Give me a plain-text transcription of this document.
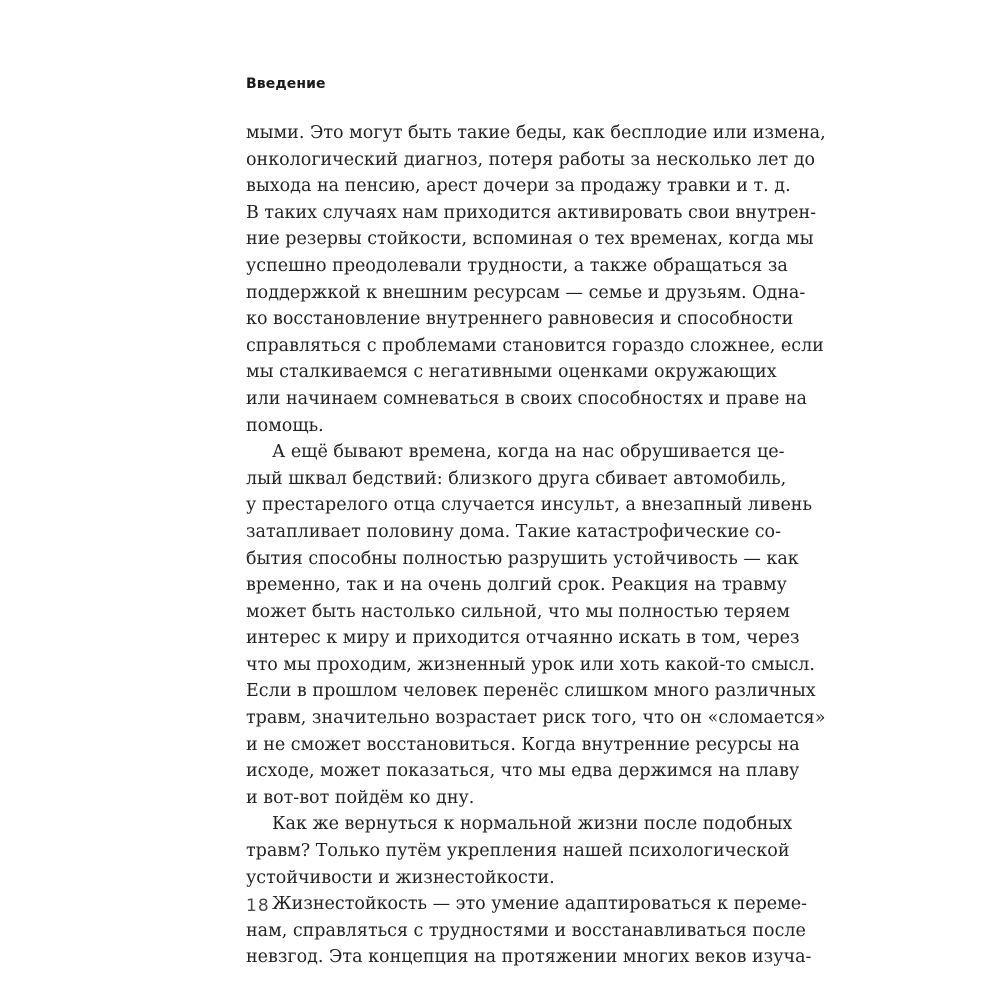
Введение
мыми. Это могут быть такие беды, как бесплодие или измена,
онкологический диагноз, потеря работы за несколько лет до
выхода на пенсию, арест дочери за продажу травки и т. д.
В таких случаях нам приходится активировать свои внутрен-
ние резервы стойкости, вспоминая о тех временах, когда мы
успешно преодолевали трудности, а также обращаться за
поддержкой к внешним ресурсам — семье и друзьям. Одна-
ко восстановление внутреннего равновесия и способности
справляться с проблемами становится гораздо сложнее, если
мы сталкиваемся с негативными оценками окружающих
или начинаем сомневаться в своих способностях и праве на
помощь.
А ещё бывают времена, когда на нас обрушивается це-
лый шквал бедствий: близкого друга сбивает автомобиль,
у престарелого отца случается инсульт, а внезапный ливень
затапливает половину дома. Такие катастрофические со-
бытия способны полностью разрушить устойчивость — как
временно, так и на очень долгий срок. Реакция на травму
может быть настолько сильной, что мы полностью теряем
интерес к миру и приходится отчаянно искать в том, через
что мы проходим, жизненный урок или хоть какой-то смысл.
Если в прошлом человек перенёс слишком много различных
травм, значительно возрастает риск того, что он «сломается»
и не сможет восстановиться. Когда внутренние ресурсы на
исходе, может показаться, что мы едва держимся на плаву
и вот-вот пойдём ко дну.
Как же вернуться к нормальной жизни после подобных
травм? Только путём укрепления нашей психологической
устойчивости и жизнестойкости.
Жизнестойкость — это умение адаптироваться к переме-
нам, справляться с трудностями и восстанавливаться после
невзгод. Эта концепция на протяжении многих веков изуча-
18
